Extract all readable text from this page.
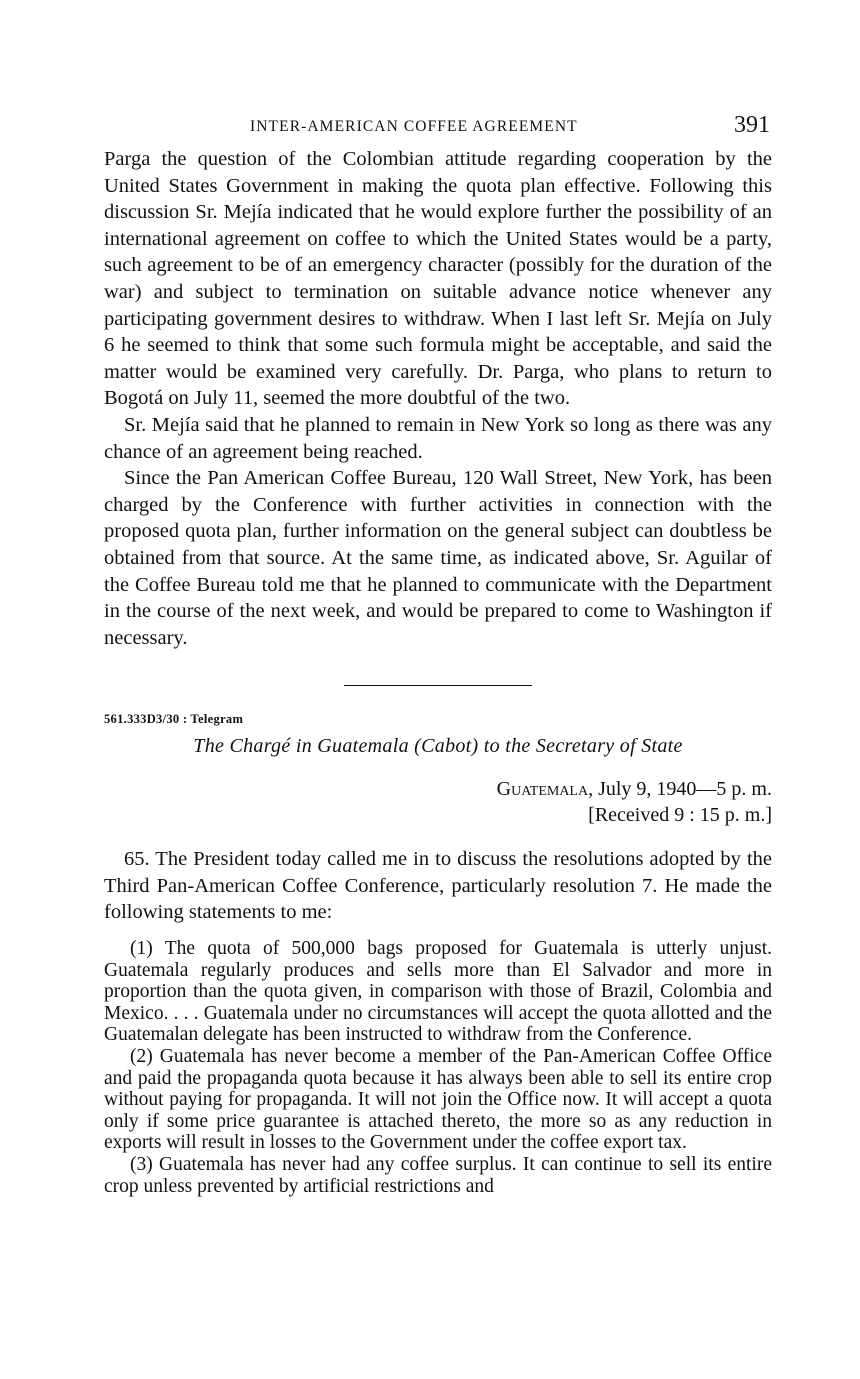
INTER-AMERICAN COFFEE AGREEMENT	391

Parga the question of the Colombian attitude regarding cooperation by the United States Government in making the quota plan effective. Following this discussion Sr. Mejía indicated that he would explore further the possibility of an international agreement on coffee to which the United States would be a party, such agreement to be of an emergency character (possibly for the duration of the war) and subject to termination on suitable advance notice whenever any participating government desires to withdraw. When I last left Sr. Mejía on July 6 he seemed to think that some such formula might be acceptable, and said the matter would be examined very carefully. Dr. Parga, who plans to return to Bogotá on July 11, seemed the more doubtful of the two.

Sr. Mejía said that he planned to remain in New York so long as there was any chance of an agreement being reached.

Since the Pan American Coffee Bureau, 120 Wall Street, New York, has been charged by the Conference with further activities in connection with the proposed quota plan, further information on the general subject can doubtless be obtained from that source. At the same time, as indicated above, Sr. Aguilar of the Coffee Bureau told me that he planned to communicate with the Department in the course of the next week, and would be prepared to come to Washington if necessary.

561.333D3/30 : Telegram
The Chargé in Guatemala (Cabot) to the Secretary of State
Guatemala, July 9, 1940—5 p. m.
[Received 9 : 15 p. m.]

65. The President today called me in to discuss the resolutions adopted by the Third Pan-American Coffee Conference, particularly resolution 7. He made the following statements to me:

(1) The quota of 500,000 bags proposed for Guatemala is utterly unjust. Guatemala regularly produces and sells more than El Salvador and more in proportion than the quota given, in comparison with those of Brazil, Colombia and Mexico. . . . Guatemala under no circumstances will accept the quota allotted and the Guatemalan delegate has been instructed to withdraw from the Conference.

(2) Guatemala has never become a member of the Pan-American Coffee Office and paid the propaganda quota because it has always been able to sell its entire crop without paying for propaganda. It will not join the Office now. It will accept a quota only if some price guarantee is attached thereto, the more so as any reduction in exports will result in losses to the Government under the coffee export tax.

(3) Guatemala has never had any coffee surplus. It can continue to sell its entire crop unless prevented by artificial restrictions and
